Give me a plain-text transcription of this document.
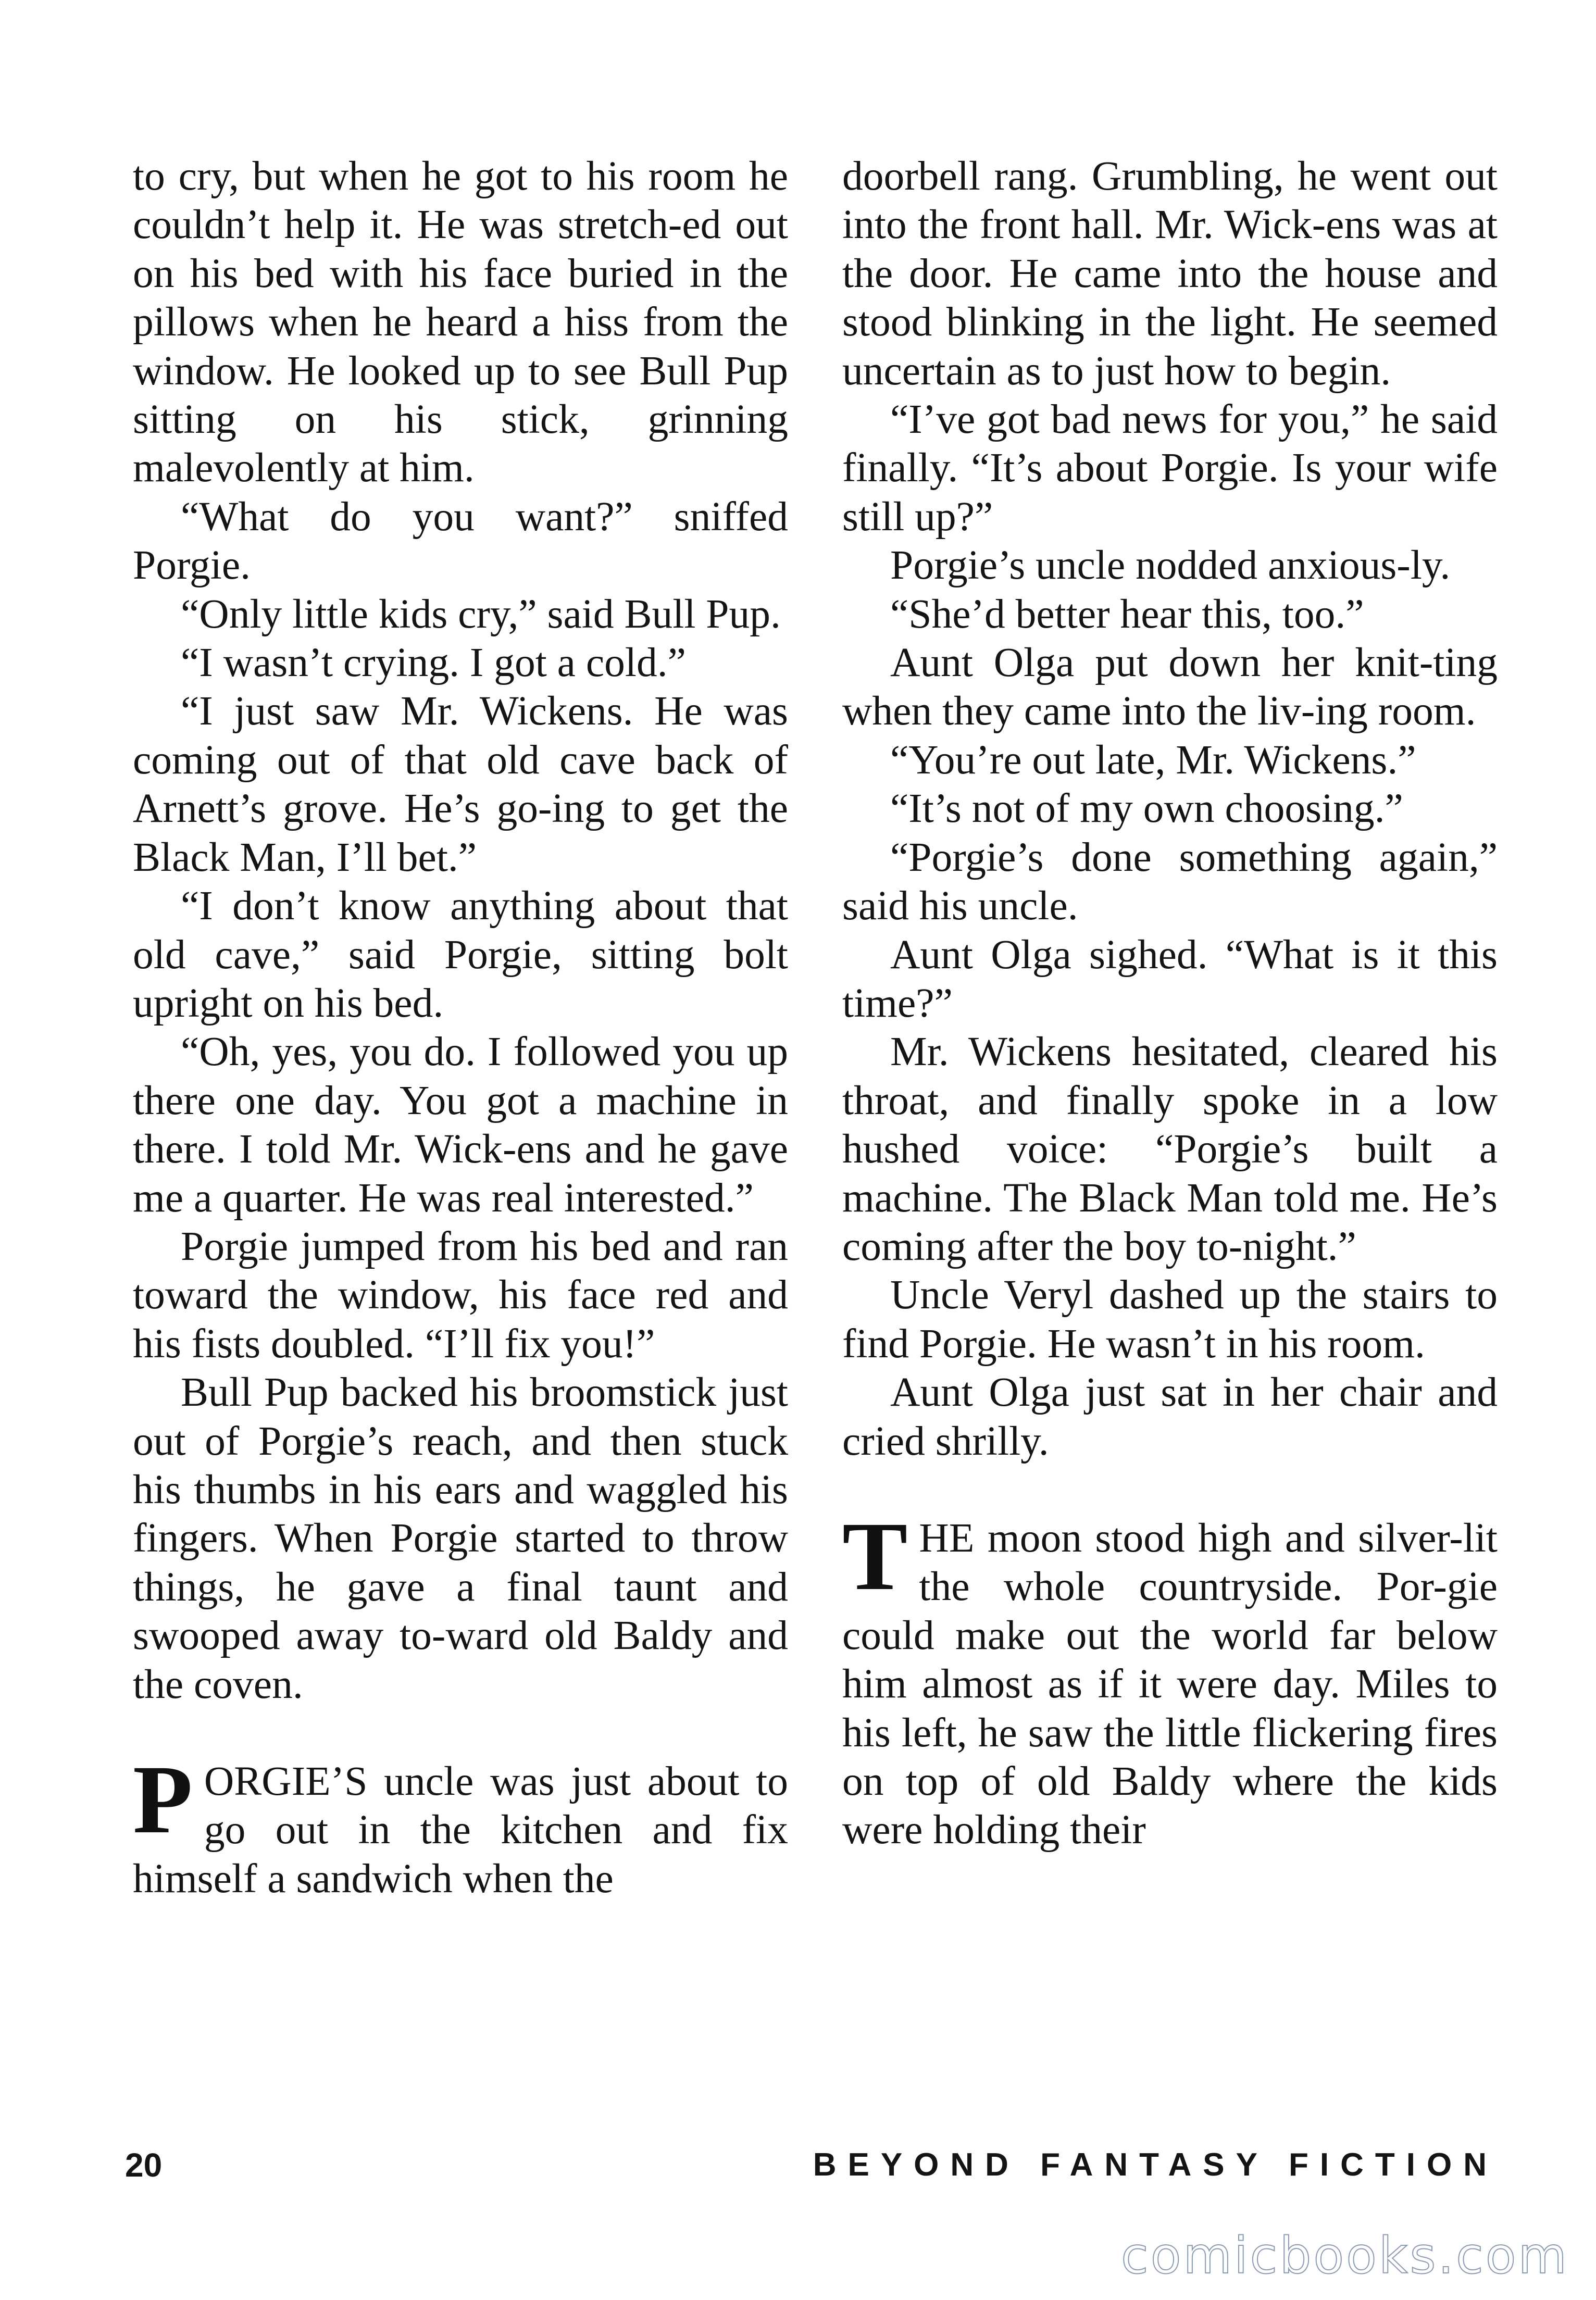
to cry, but when he got to his room he couldn’t help it. He was stretch-ed out on his bed with his face buried in the pillows when he heard a hiss from the window. He looked up to see Bull Pup sitting on his stick, grinning malevolently at him.

“What do you want?” sniffed Porgie.

“Only little kids cry,” said Bull Pup.

“I wasn’t crying. I got a cold.”

“I just saw Mr. Wickens. He was coming out of that old cave back of Arnett’s grove. He’s go-ing to get the Black Man, I’ll bet.”

“I don’t know anything about that old cave,” said Porgie, sitting bolt upright on his bed.

“Oh, yes, you do. I followed you up there one day. You got a machine in there. I told Mr. Wick-ens and he gave me a quarter. He was real interested.”

Porgie jumped from his bed and ran toward the window, his face red and his fists doubled. “I’ll fix you!”

Bull Pup backed his broomstick just out of Porgie’s reach, and then stuck his thumbs in his ears and waggled his fingers. When Porgie started to throw things, he gave a final taunt and swooped away to-ward old Baldy and the coven.

PORGIE’S uncle was just about to go out in the kitchen and fix himself a sandwich when the

doorbell rang. Grumbling, he went out into the front hall. Mr. Wick-ens was at the door. He came into the house and stood blinking in the light. He seemed uncertain as to just how to begin.

“I’ve got bad news for you,” he said finally. “It’s about Porgie. Is your wife still up?”

Porgie’s uncle nodded anxious-ly.

“She’d better hear this, too.”

Aunt Olga put down her knit-ting when they came into the liv-ing room.

“You’re out late, Mr. Wickens.”

“It’s not of my own choosing.”

“Porgie’s done something again,” said his uncle.

Aunt Olga sighed. “What is it this time?”

Mr. Wickens hesitated, cleared his throat, and finally spoke in a low hushed voice: “Porgie’s built a machine. The Black Man told me. He’s coming after the boy to-night.”

Uncle Veryl dashed up the stairs to find Porgie. He wasn’t in his room.

Aunt Olga just sat in her chair and cried shrilly.

THE moon stood high and silver-lit the whole countryside. Por-gie could make out the world far below him almost as if it were day. Miles to his left, he saw the little flickering fires on top of old Baldy where the kids were holding their

20	BEYOND FANTASY FICTION
comicbooks.com
